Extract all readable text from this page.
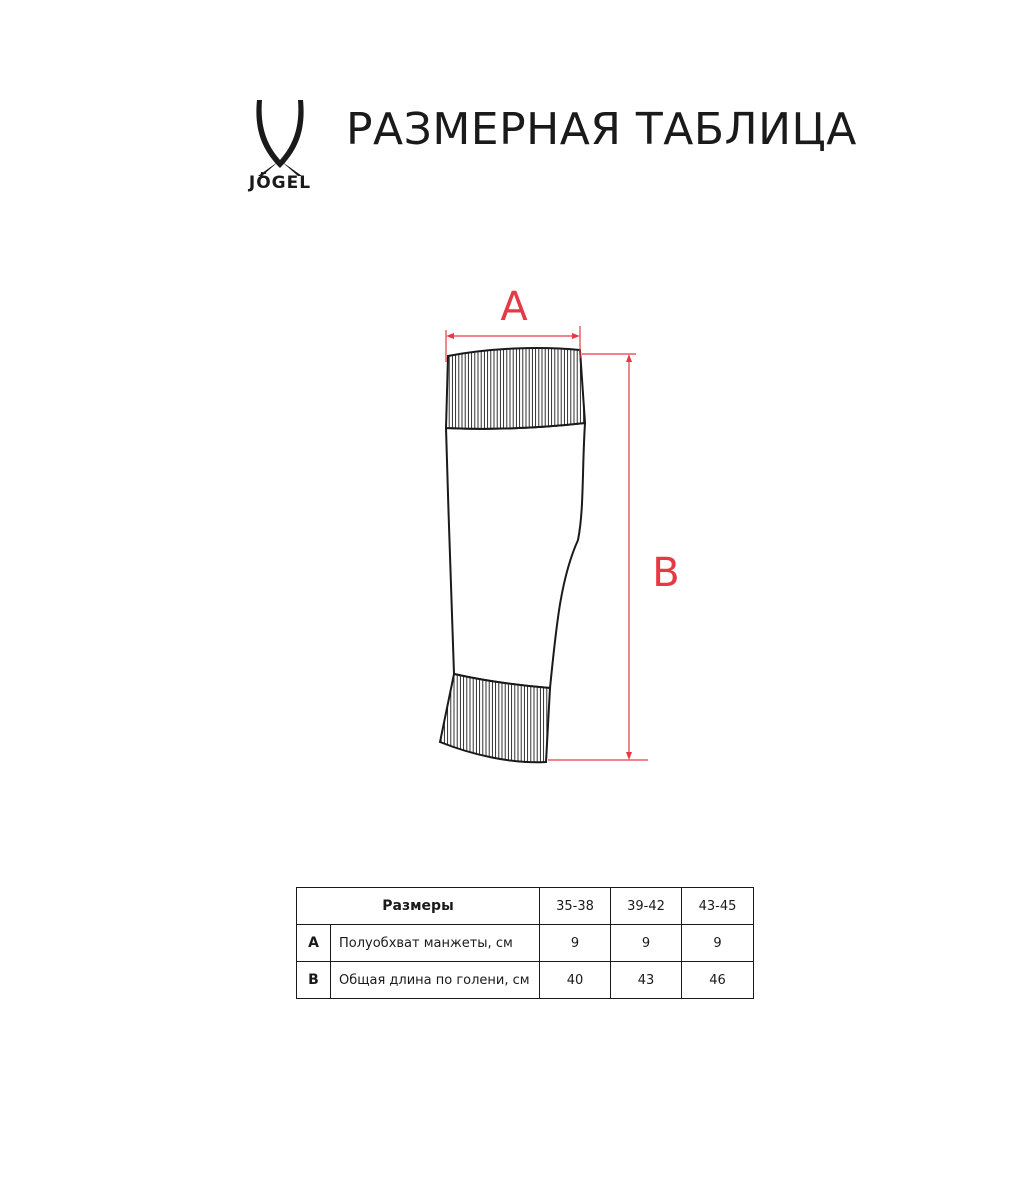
JÖGEL
РАЗМЕРНАЯ ТАБЛИЦА
A
B
Размеры		35-38	39-42	43-45
A	Полуобхват манжеты, см	9	9	9
B	Общая длина по голени, см	40	43	46
